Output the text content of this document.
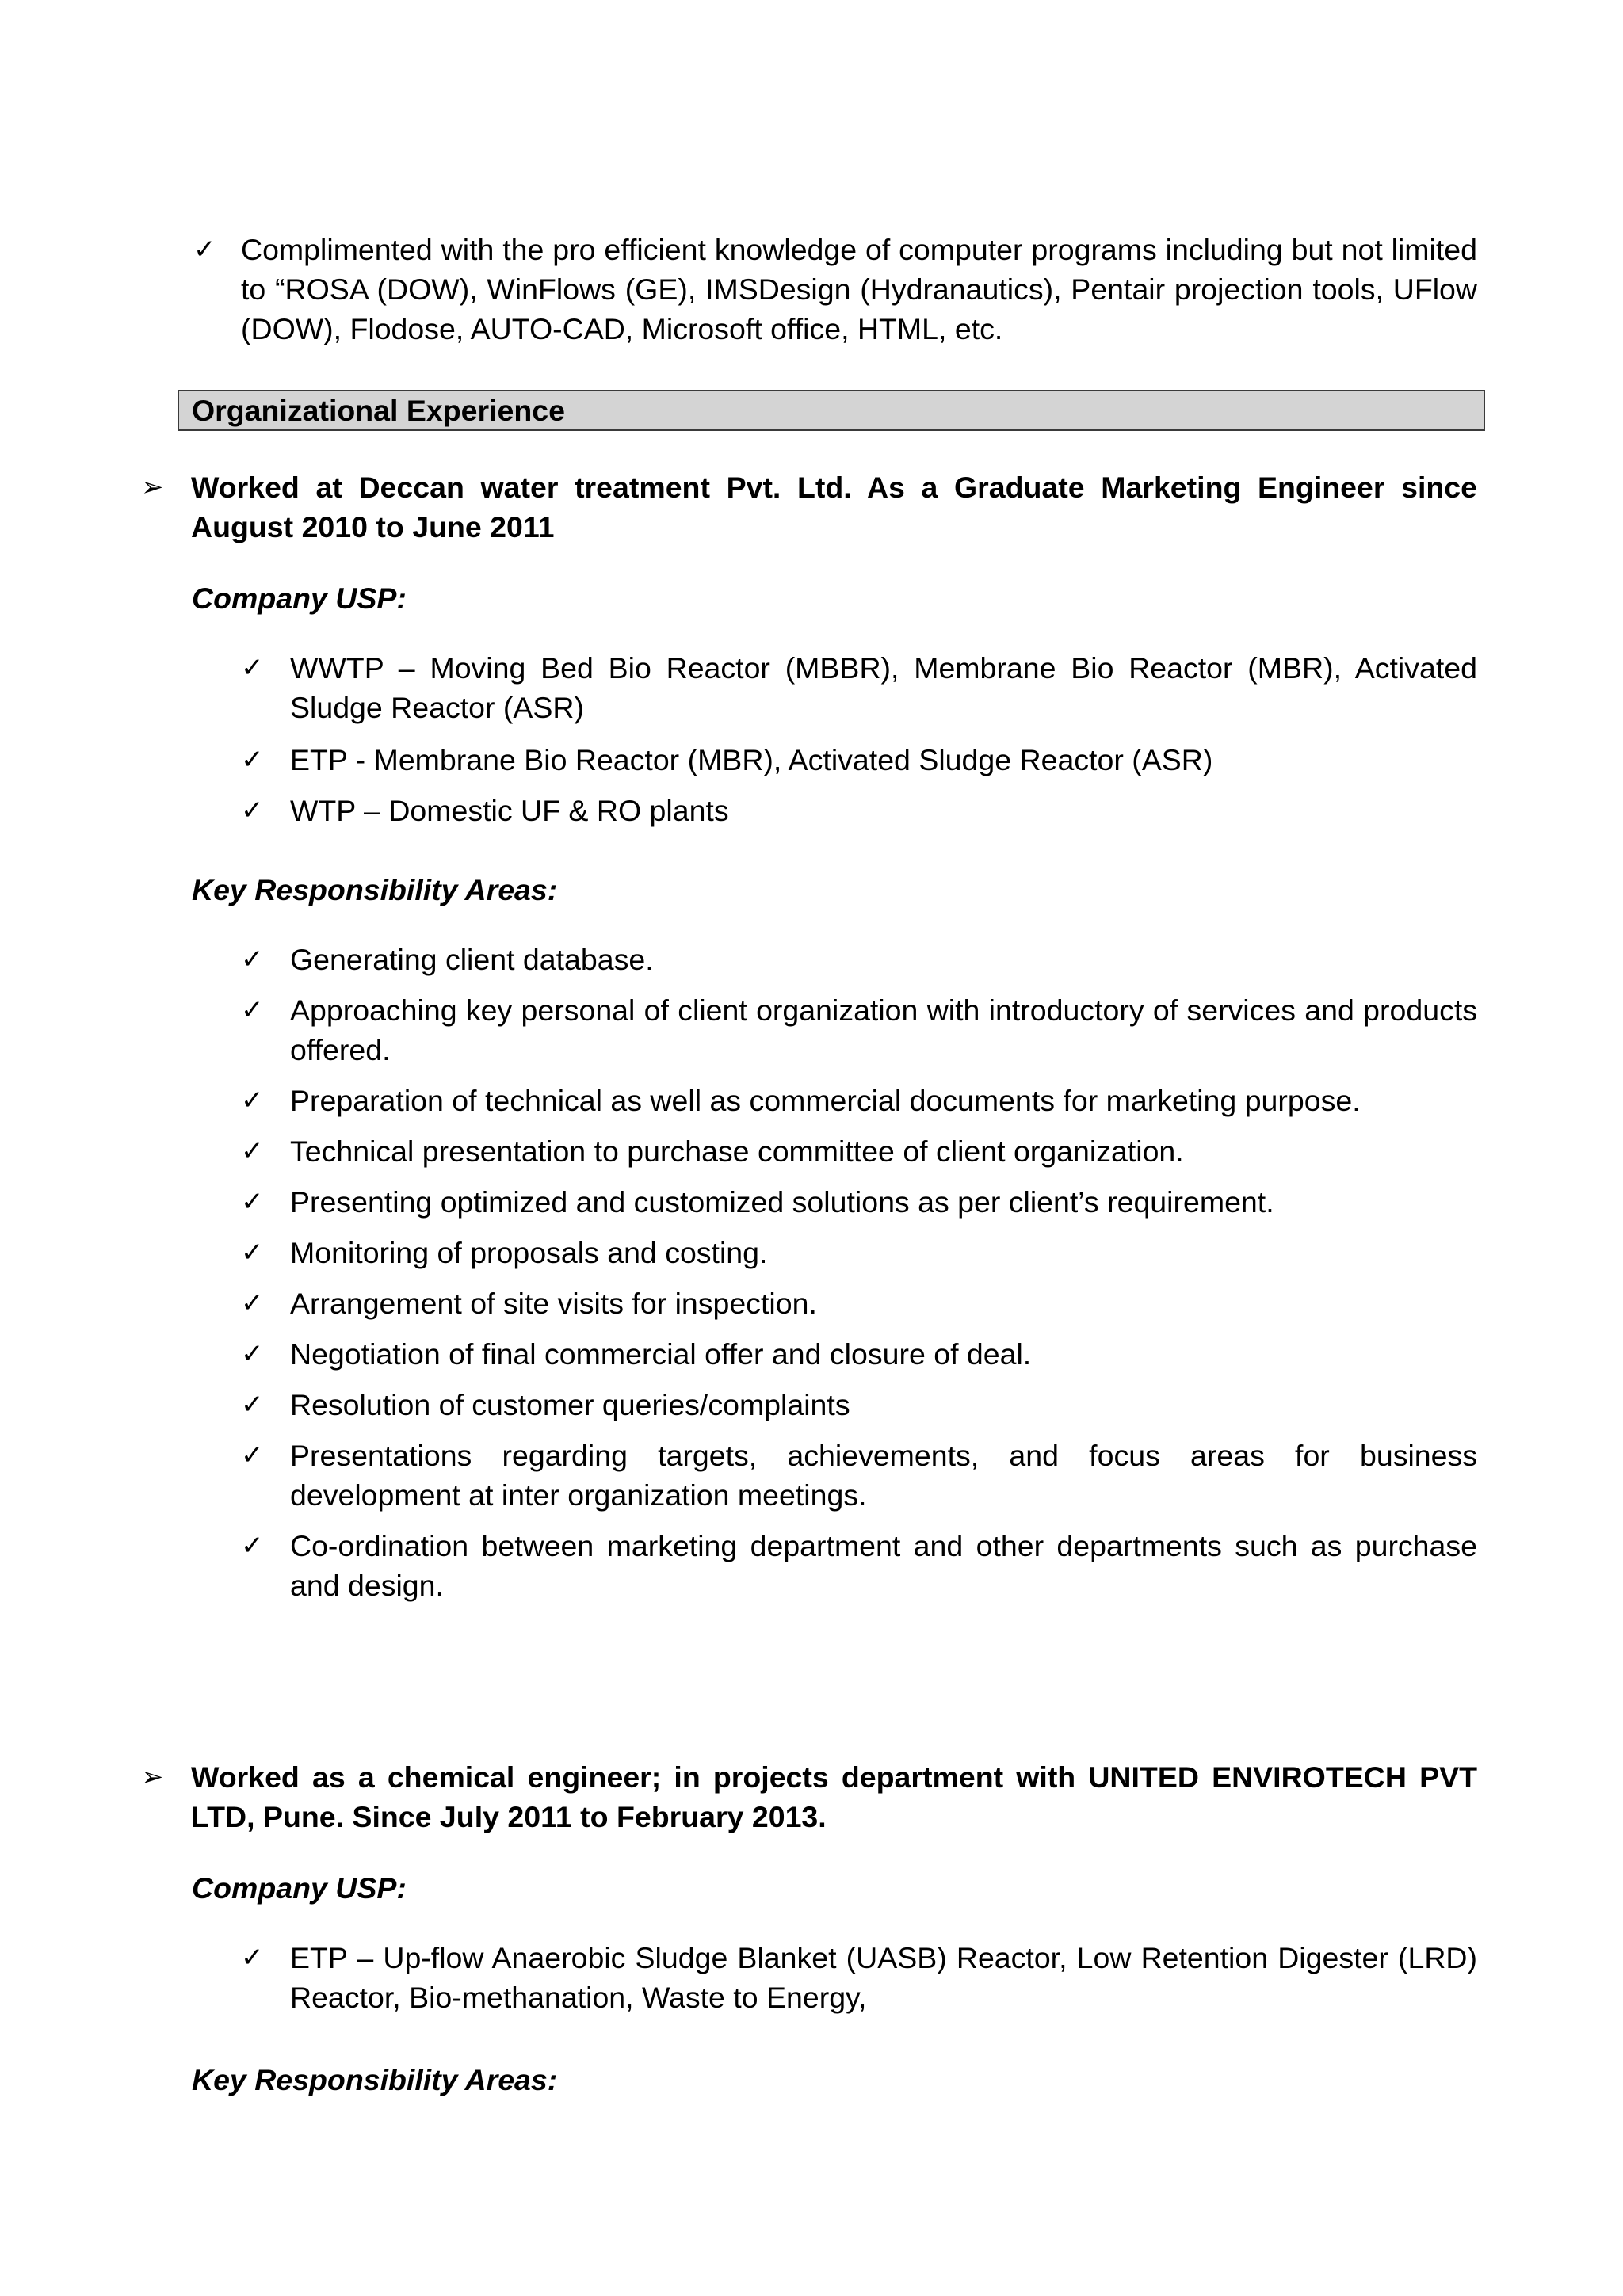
✓ Complimented with the pro efficient knowledge of computer programs including but not limited to “ROSA (DOW), WinFlows (GE), IMSDesign (Hydranautics), Pentair projection tools, UFlow (DOW), Flodose, AUTO-CAD, Microsoft office, HTML, etc.

Organizational Experience
➢ Worked at Deccan water treatment Pvt. Ltd. As a Graduate Marketing Engineer since August 2010 to June 2011

Company USP:

✓ WWTP – Moving Bed Bio Reactor (MBBR), Membrane Bio Reactor (MBR), Activated Sludge Reactor (ASR)

✓ ETP - Membrane Bio Reactor (MBR), Activated Sludge Reactor (ASR)

✓ WTP – Domestic UF & RO plants

Key Responsibility Areas:

✓ Generating client database.

✓ Approaching key personal of client organization with introductory of services and products offered.

✓ Preparation of technical as well as commercial documents for marketing purpose.

✓ Technical presentation to purchase committee of client organization.

✓ Presenting optimized and customized solutions as per client’s requirement.

✓ Monitoring of proposals and costing.

✓ Arrangement of site visits for inspection.

✓ Negotiation of final commercial offer and closure of deal.

✓ Resolution of customer queries/complaints

✓ Presentations regarding targets, achievements, and focus areas for business development at inter organization meetings.

✓ Co-ordination between marketing department and other departments such as purchase and design.

➢ Worked as a chemical engineer; in projects department with UNITED ENVIROTECH PVT LTD, Pune. Since July 2011 to February 2013.

Company USP:

✓ ETP – Up-flow Anaerobic Sludge Blanket (UASB) Reactor, Low Retention Digester (LRD) Reactor, Bio-methanation, Waste to Energy,

Key Responsibility Areas:
